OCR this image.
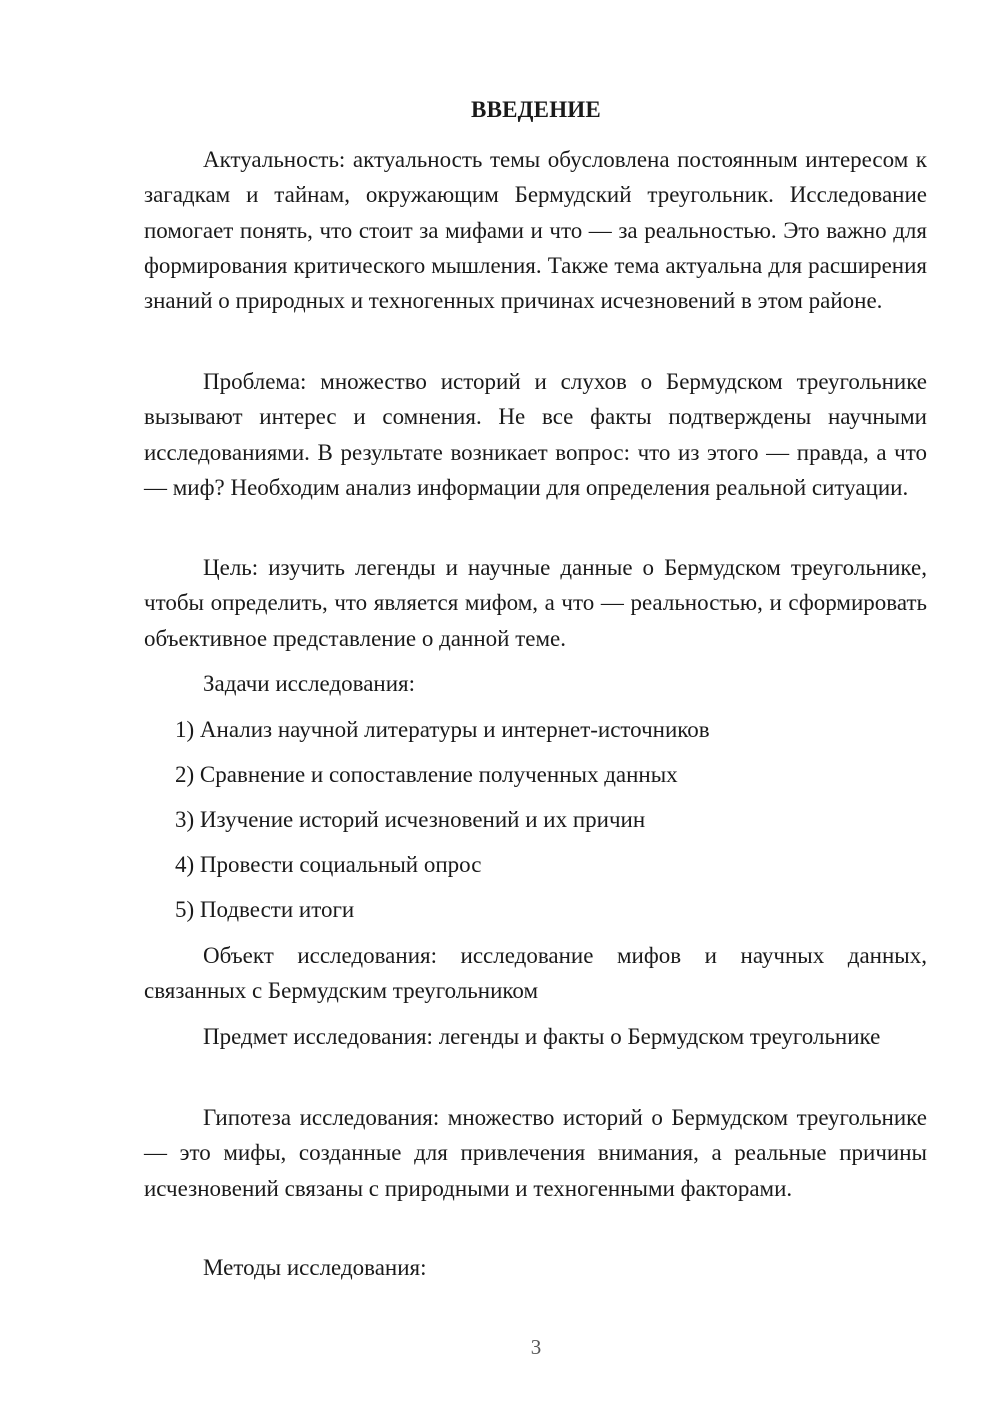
ВВЕДЕНИЕ

Актуальность: актуальность темы обусловлена постоянным интересом к загадкам и тайнам, окружающим Бермудский треугольник. Исследование помогает понять, что стоит за мифами и что — за реальностью. Это важно для формирования критического мышления. Также тема актуальна для расширения знаний о природных и техногенных причинах исчезновений в этом районе.

Проблема: множество историй и слухов о Бермудском треугольнике вызывают интерес и сомнения. Не все факты подтверждены научными исследованиями. В результате возникает вопрос: что из этого — правда, а что — миф? Необходим анализ информации для определения реальной ситуации.

Цель: изучить легенды и научные данные о Бермудском треугольнике, чтобы определить, что является мифом, а что — реальностью, и сформировать объективное представление о данной теме.

Задачи исследования:

1) Анализ научной литературы и интернет-источников

2) Сравнение и сопоставление полученных данных

3) Изучение историй исчезновений и их причин

4) Провести социальный опрос

5) Подвести итоги

Объект исследования: исследование мифов и научных данных, связанных с Бермудским треугольником

Предмет исследования: легенды и факты о Бермудском треугольнике

Гипотеза исследования: множество историй о Бермудском треугольнике — это мифы, созданные для привлечения внимания, а реальные причины исчезновений связаны с природными и техногенными факторами.

Методы исследования:

3
